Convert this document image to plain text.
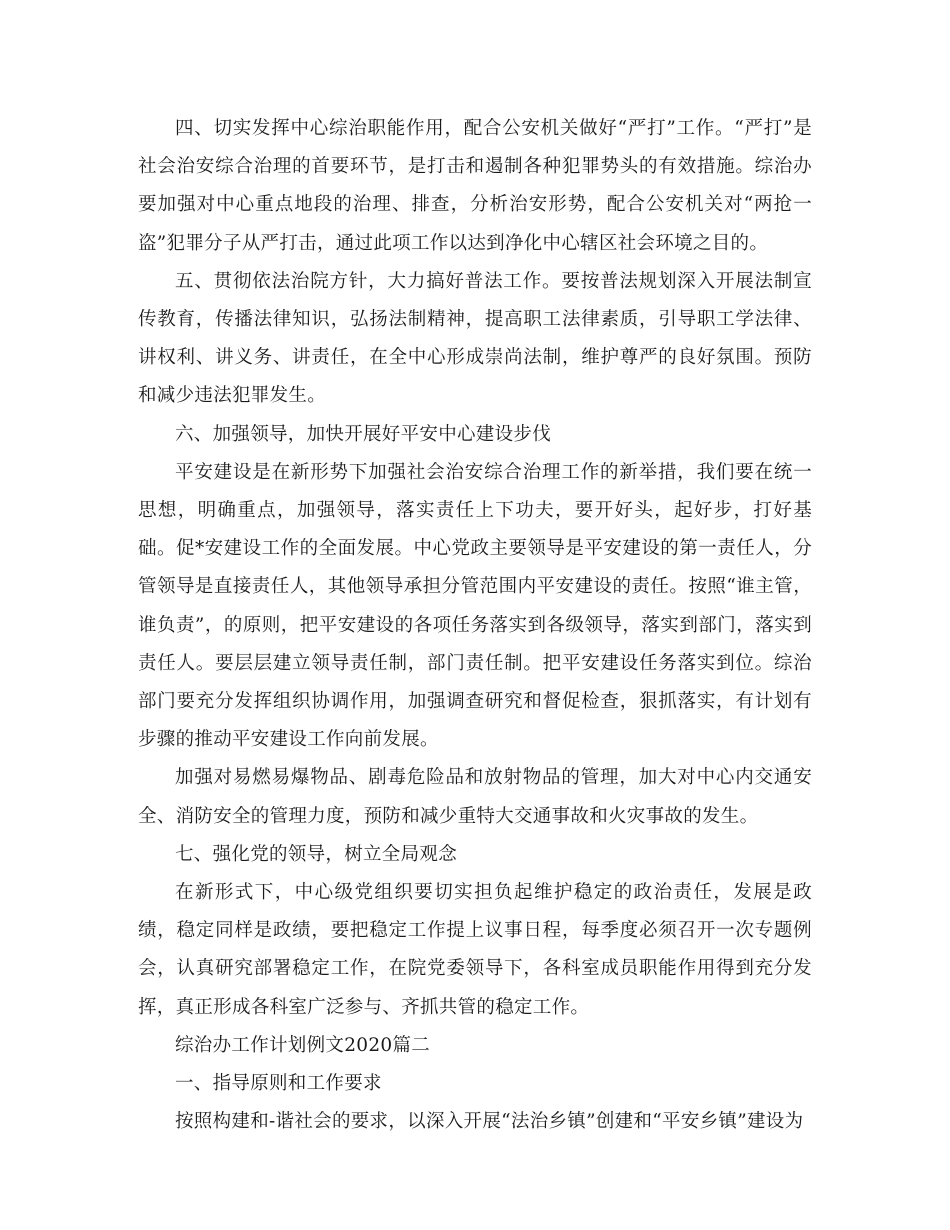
四、切实发挥中心综治职能作用，配合公安机关做好“严打”工作。“严打”是社会治安综合治理的首要环节，是打击和遏制各种犯罪势头的有效措施。综治办要加强对中心重点地段的治理、排查，分析治安形势，配合公安机关对“两抢一盗”犯罪分子从严打击，通过此项工作以达到净化中心辖区社会环境之目的。

五、贯彻依法治院方针，大力搞好普法工作。要按普法规划深入开展法制宣传教育，传播法律知识，弘扬法制精神，提高职工法律素质，引导职工学法律、讲权利、讲义务、讲责任，在全中心形成崇尚法制，维护尊严的良好氛围。预防和减少违法犯罪发生。

六、加强领导，加快开展好平安中心建设步伐

平安建设是在新形势下加强社会治安综合治理工作的新举措，我们要在统一思想，明确重点，加强领导，落实责任上下功夫，要开好头，起好步，打好基础。促*安建设工作的全面发展。中心党政主要领导是平安建设的第一责任人，分管领导是直接责任人，其他领导承担分管范围内平安建设的责任。按照“谁主管，谁负责”，的原则，把平安建设的各项任务落实到各级领导，落实到部门，落实到责任人。要层层建立领导责任制，部门责任制。把平安建设任务落实到位。综治部门要充分发挥组织协调作用，加强调查研究和督促检查，狠抓落实，有计划有步骤的推动平安建设工作向前发展。

加强对易燃易爆物品、剧毒危险品和放射物品的管理，加大对中心内交通安全、消防安全的管理力度，预防和减少重特大交通事故和火灾事故的发生。

七、强化党的领导，树立全局观念

在新形式下，中心级党组织要切实担负起维护稳定的政治责任，发展是政绩，稳定同样是政绩，要把稳定工作提上议事日程，每季度必须召开一次专题例会，认真研究部署稳定工作，在院党委领导下，各科室成员职能作用得到充分发挥，真正形成各科室广泛参与、齐抓共管的稳定工作。

综治办工作计划例文2020篇二

一、指导原则和工作要求

按照构建和-谐社会的要求，以深入开展“法治乡镇”创建和“平安乡镇”建设为
